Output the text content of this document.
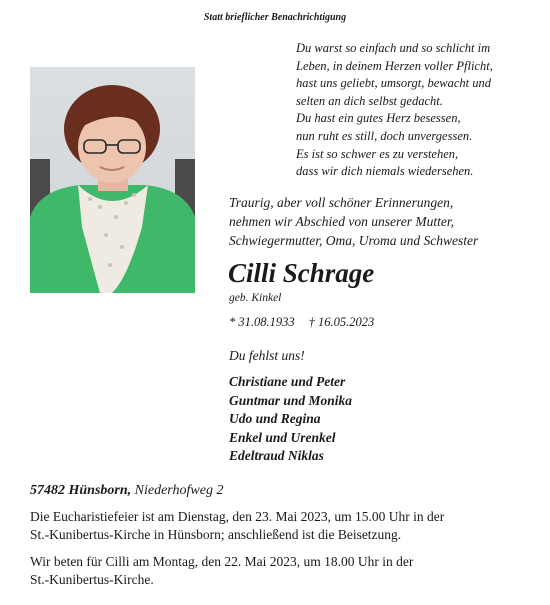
Statt brieflicher Benachrichtigung
Du warst so einfach und so schlicht im
Leben, in deinem Herzen voller Pflicht,
hast uns geliebt, umsorgt, bewacht und
selten an dich selbst gedacht.
Du hast ein gutes Herz besessen,
nun ruht es still, doch unvergessen.
Es ist so schwer es zu verstehen,
dass wir dich niemals wiedersehen.
Traurig, aber voll schöner Erinnerungen,
nehmen wir Abschied von unserer Mutter,
Schwiegermutter, Oma, Uroma und Schwester
Cilli Schrage
geb. Kinkel
* 31.08.1933 † 16.05.2023
Du fehlst uns!
Christiane und Peter
Guntmar und Monika
Udo und Regina
Enkel und Urenkel
Edeltraud Niklas
57482 Hünsborn, Niederhofweg 2
Die Eucharistiefeier ist am Dienstag, den 23. Mai 2023, um 15.00 Uhr in der
St.-Kunibertus-Kirche in Hünsborn; anschließend ist die Beisetzung.
Wir beten für Cilli am Montag, den 22. Mai 2023, um 18.00 Uhr in der
St.-Kunibertus-Kirche.
